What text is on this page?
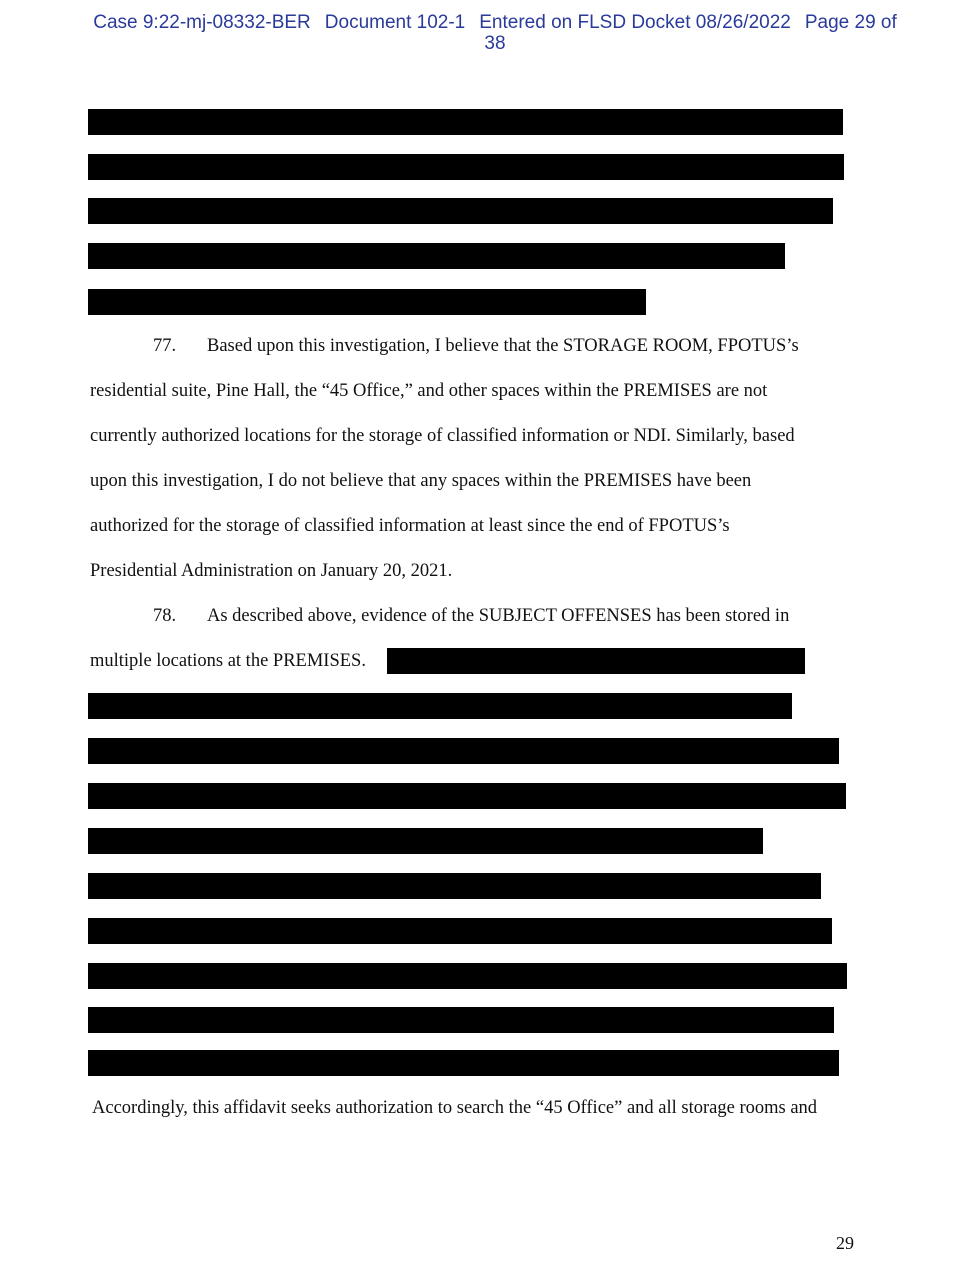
Case 9:22-mj-08332-BER Document 102-1 Entered on FLSD Docket 08/26/2022 Page 29 of
38
77. Based upon this investigation, I believe that the STORAGE ROOM, FPOTUS’s
residential suite, Pine Hall, the “45 Office,” and other spaces within the PREMISES are not
currently authorized locations for the storage of classified information or NDI. Similarly, based
upon this investigation, I do not believe that any spaces within the PREMISES have been
authorized for the storage of classified information at least since the end of FPOTUS’s
Presidential Administration on January 20, 2021.
78. As described above, evidence of the SUBJECT OFFENSES has been stored in
multiple locations at the PREMISES.
Accordingly, this affidavit seeks authorization to search the “45 Office” and all storage rooms and
29
